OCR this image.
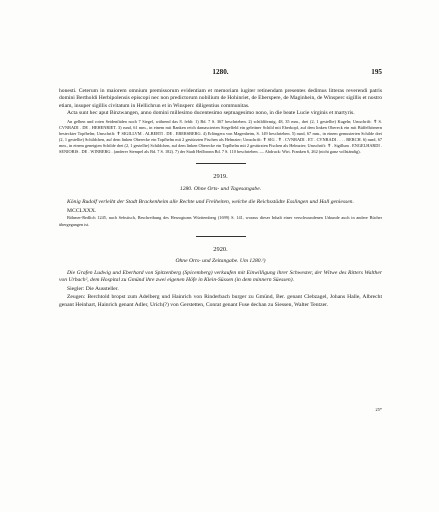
1280.	195

honesti. Ceterum in maiorem omnium premissorum evidentiam et memoriam iugiter retinendam presentes dedimus litteras reverendi patris domini Bertholdi Herbipolensis episcopi nec non predictorum nobilium de Hohinriet, de Eberspere, de Maginhein, de Winsperc sigillis et nostro etiam, insuper sigillis civitatum in Hellichrun et in Winsperc diligentius communitas.

Acta sunt hec aput Binzwangen, anno domini millesimo ducentesimo septuagesimo nono, in die beate Lucie virginis et martyris.

An gelben und roten Seidenfäden noch 7 Siegel, während das 8. fehlt: 1) Bd. 7 S. 367 beschrieben. 2) schildförmig, 48, 35 mm., drei (2, 1 gestellte) Kugeln; Umschrift: ✝ S. CVNRADI . DE . HEHENRIET. 3) rund, 61 mm., in einem mit Ranken reich damascierten Siegelfeld ein geleitner Schild mit Eberkopf, auf dem linken Obereck ein mit Büffelhörnern besteckter Topfhelm; Umschrift: ✝ SIGILLVM . ALBERTI . DE . EBERSBERG. 4) Erlöngera von Magenheim, S. 149 beschrieben. 5) rund, 67 mm., in einem gemusterten Schilde drei (2, 1 gestellte) Schildchen, auf dem linken Oberecke ein Topfhelm mit 2 gestürzten Fischen als Helmzier; Umschrift: ✝ SIG . ✝ . CVNRADI . ET . CVNRADI . . . . BERCH. 6) rund, 67 mm., in einem geneigten Schilde drei (2, 1 gestellte) Schildchen, auf dem linken Oberecke ein Topfhelm mit 2 gestürzten Fischen als Helmzier; Umschrift: ✝ . Sigillum . ENGELHARDI . SENIORIS . DE . WINBERG . (anderer Stempel als Bd. 7 S. 182). 7) der Stadt Heilbronn Bd. 7 S. 110 beschrieben. — Abdruck: Wirt. Franken 6, 262 (nicht ganz vollständig).

2919.

1280. Ohne Orts- und Tagesangabe.

König Rudolf verleiht der Stadt Brackenheim alle Rechte und Freiheiten, welche die Reichsstädte Esslingen und Hall geniessen.

MCCLXXX.

Böhmer-Redlich 1245, nach Sebstisch, Beschreibung des Herzogtums Württemberg (1699) S. 141, woraus dieser Inhalt einer verschwundenen Urkunde auch in andere Bücher übergegangen ist.

2920.

Ohne Orts- und Zeitangabe. Um 1280.¹)

Die Grafen Ludwig und Eberhard von Spitzenberg (Spicemberg) verkaufen mit Einwilligung ihrer Schwester, der Witwe des Ritters Walther von Urbach², dem Hospital zu Gmünd ihre zwei eigenen Höfe in Klein-Süssen (in dem minnern Süessen).

Siegler: Die Aussteller.

Zeugen: Berchtold bropst zum Adelberg und Hainrich von Rinderbach burger zu Gmünd, Ber. genant Clebzagel, Johans Halle, Albrecht genant Heinhart, Hainrich genant Adler, Urich(?) von Gerstetten, Conrat genant Fuse dechan zu Siessen, Walter Tentzer.

25*
